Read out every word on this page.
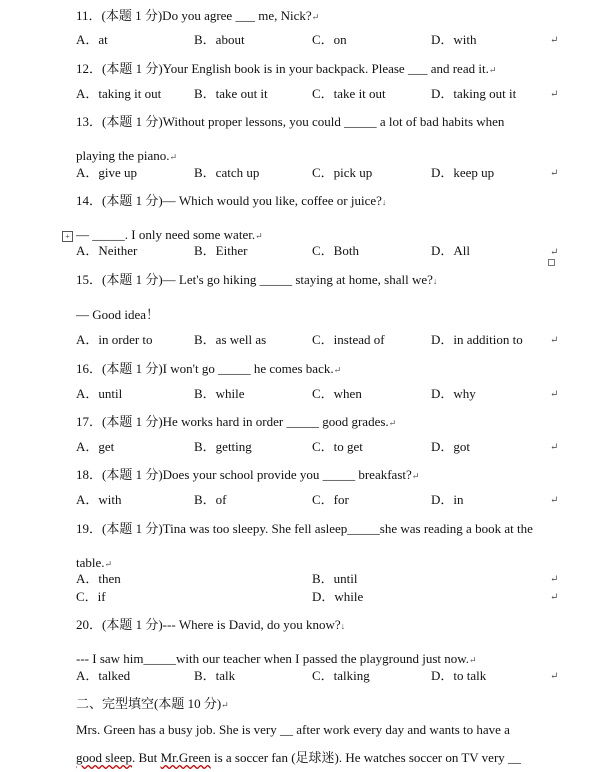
11．(本题 1 分)Do you agree ___ me, Nick?↵
A．at	B．about	C．on	D．with	↵
12．(本题 1 分)Your English book is in your backpack. Please ___ and read it.↵
A．taking it out	B．take out it	C．take it out	D．taking out it	↵
13．(本题 1 分)Without proper lessons, you could _____ a lot of bad habits when
playing the piano.↵
A．give up	B．catch up	C．pick up	D．keep up	↵
14．(本题 1 分)— Which would you like, coffee or juice?↓
+ — _____. I only need some water.↵
A．Neither	B．Either	C．Both	D．All	↵
15．(本题 1 分)— Let's go hiking _____ staying at home, shall we?↓
— Good idea！
A．in order to	B．as well as	C．instead of	D．in addition to	↵
16．(本题 1 分)I won't go _____ he comes back.↵
A．until	B．while	C．when	D．why	↵
17．(本题 1 分)He works hard in order _____ good grades.↵
A．get	B．getting	C．to get	D．got	↵
18．(本题 1 分)Does your school provide you _____ breakfast?↵
A．with	B．of	C．for	D．in	↵
19．(本题 1 分)Tina was too sleepy. She fell asleep_____she was reading a book at the
table.↵
A．then	B．until	↵
C．if	D．while	↵
20．(本题 1 分)--- Where is David, do you know?↓
--- I saw him_____with our teacher when I passed the playground just now.↵
A．talked	B．talk	C．talking	D．to talk	↵
二、完型填空(本题 10 分)↵
Mrs. Green has a busy job. She is very __ after work every day and wants to have a
good sleep. But Mr.Green is a soccer fan (足球迷). He watches soccer on TV very __
